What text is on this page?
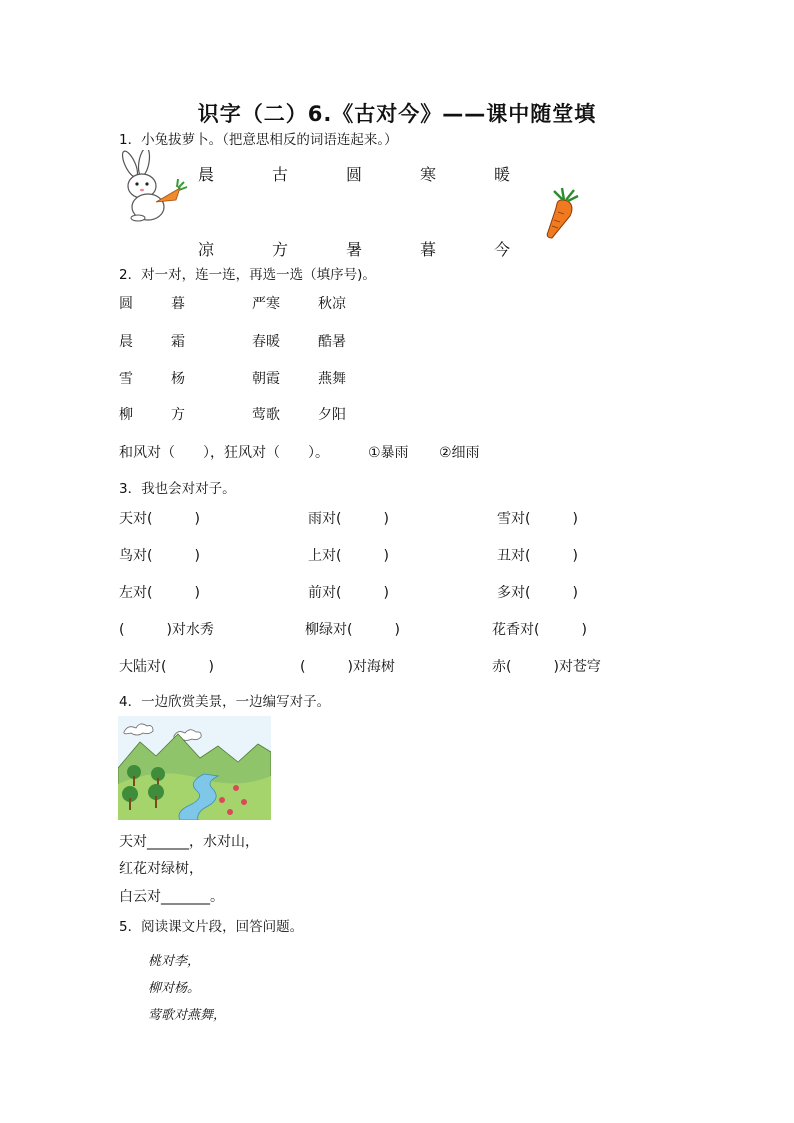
识字（二）6.《古对今》——课中随堂填
1．小兔拔萝卜。（把意思相反的词语连起来。）
晨	古	圆	寒	暖
凉	方	暑	暮	今
2．对一对，连一连，再选一选（填序号)。
圆	暮	严寒	秋凉
晨	霜	春暖	酷暑
雪	杨	朝霞	燕舞
柳	方	莺歌	夕阳
和风对（　　），狂风对（　　）。	①暴雨 ②细雨
3．我也会对对子。
天对(　　　)	雨对(　　　)	雪对(　　　)
鸟对(　　　)	上对(　　　)	丑对(　　　)
左对(　　　)	前对(　　　)	多对(　　　)
(　　　)对水秀	柳绿对(　　　)	花香对(　　　)
大陆对(　　　)	(　　　)对海树	赤(　　　)对苍穹
4．一边欣赏美景，一边编写对子。
天对______，水对山，
红花对绿树，
白云对_______。
5．阅读课文片段，回答问题。
桃对李，
柳对杨。
莺歌对燕舞，
